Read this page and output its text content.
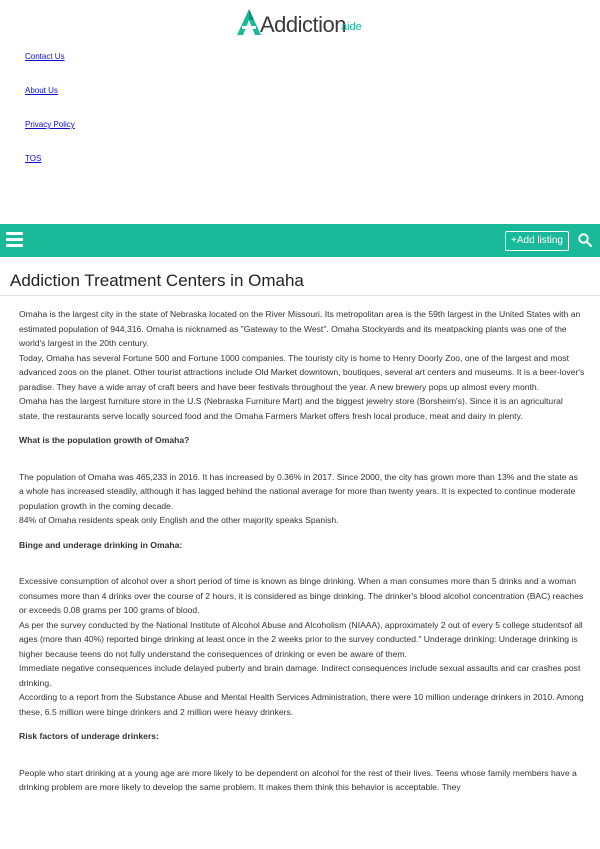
Addiction
aide
Contact Us
About Us
Privacy Policy
TOS
+Add listing
Addiction Treatment Centers in Omaha

Omaha is the largest city in the state of Nebraska located on the River Missouri. Its metropolitan area is the 59th largest in the United States with an estimated population of 944,316. Omaha is nicknamed as "Gateway to the West". Omaha Stockyards and its meatpacking plants was one of the world's largest in the 20th century.

Today, Omaha has several Fortune 500 and Fortune 1000 companies. The touristy city is home to Henry Doorly Zoo, one of the largest and most advanced zoos on the planet. Other tourist attractions include Old Market downtown, boutiques, several art centers and museums. It is a beer-lover's paradise. They have a wide array of craft beers and have beer festivals throughout the year. A new brewery pops up almost every month.

Omaha has the largest furniture store in the U.S (Nebraska Furniture Mart) and the biggest jewelry store (Borsheim's). Since it is an agricultural state, the restaurants serve locally sourced food and the Omaha Farmers Market offers fresh local produce, meat and dairy in plenty.

What is the population growth of Omaha?

The population of Omaha was 465,233 in 2016. It has increased by 0.36% in 2017. Since 2000, the city has grown more than 13% and the state as a whole has increased steadily, although it has lagged behind the national average for more than twenty years. It is expected to continue moderate population growth in the coming decade.

84% of Omaha residents speak only English and the other majority speaks Spanish.

Binge and underage drinking in Omaha:

Excessive consumption of alcohol over a short period of time is known as binge drinking. When a man consumes more than 5 drinks and a woman consumes more than 4 drinks over the course of 2 hours, it is considered as binge drinking. The drinker's blood alcohol concentration (BAC) reaches or exceeds 0.08 grams per 100 grams of blood.

As per the survey conducted by the National Institute of Alcohol Abuse and Alcoholism (NIAAA), approximately 2 out of every 5 college studentsof all ages (more than 40%) reported binge drinking at least once in the 2 weeks prior to the survey conducted." Underage drinking: Underage drinking is higher because teens do not fully understand the consequences of drinking or even be aware of them.

Immediate negative consequences include delayed puberty and brain damage. Indirect consequences include sexual assaults and car crashes post drinking.

According to a report from the Substance Abuse and Mental Health Services Administration, there were 10 million underage drinkers in 2010. Among these, 6.5 million were binge drinkers and 2 million were heavy drinkers.

Risk factors of underage drinkers:

People who start drinking at a young age are more likely to be dependent on alcohol for the rest of their lives. Teens whose family members have a drinking problem are more likely to develop the same problem. It makes them think this behavior is acceptable. They
